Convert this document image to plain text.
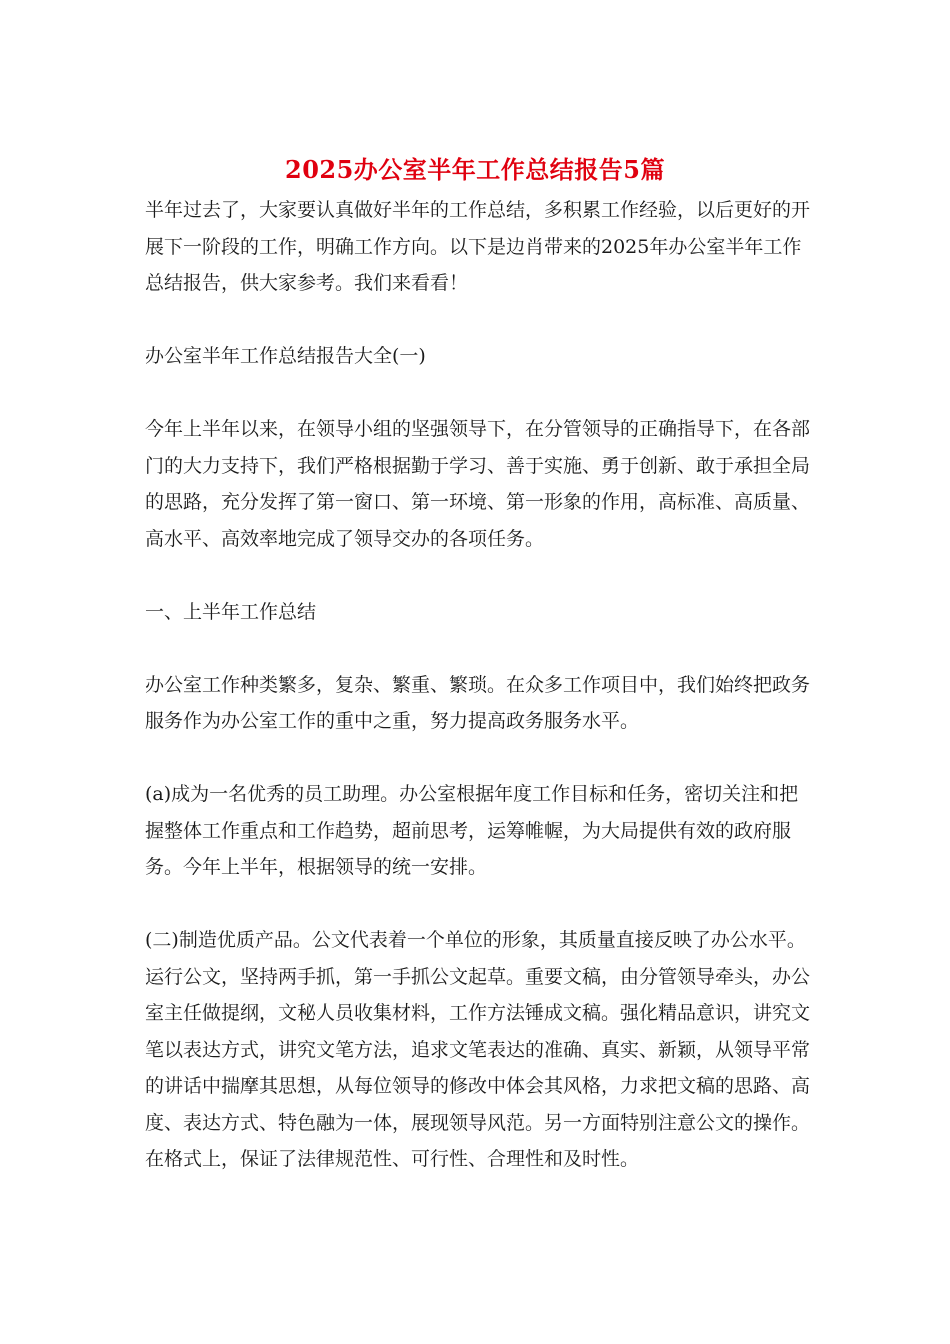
2025办公室半年工作总结报告5篇

半年过去了，大家要认真做好半年的工作总结，多积累工作经验，以后更好的开展下一阶段的工作，明确工作方向。以下是边肖带来的2025年办公室半年工作总结报告，供大家参考。我们来看看！

办公室半年工作总结报告大全(一)

今年上半年以来，在领导小组的坚强领导下，在分管领导的正确指导下，在各部门的大力支持下，我们严格根据勤于学习、善于实施、勇于创新、敢于承担全局的思路，充分发挥了第一窗口、第一环境、第一形象的作用，高标准、高质量、高水平、高效率地完成了领导交办的各项任务。

一、上半年工作总结

办公室工作种类繁多，复杂、繁重、繁琐。在众多工作项目中，我们始终把政务服务作为办公室工作的重中之重，努力提高政务服务水平。

(a)成为一名优秀的员工助理。办公室根据年度工作目标和任务，密切关注和把握整体工作重点和工作趋势，超前思考，运筹帷幄，为大局提供有效的政府服务。今年上半年，根据领导的统一安排。

(二)制造优质产品。公文代表着一个单位的形象，其质量直接反映了办公水平。运行公文，坚持两手抓，第一手抓公文起草。重要文稿，由分管领导牵头，办公室主任做提纲，文秘人员收集材料，工作方法锤成文稿。强化精品意识，讲究文笔以表达方式，讲究文笔方法，追求文笔表达的准确、真实、新颖，从领导平常的讲话中揣摩其思想，从每位领导的修改中体会其风格，力求把文稿的思路、高度、表达方式、特色融为一体，展现领导风范。另一方面特别注意公文的操作。在格式上，保证了法律规范性、可行性、合理性和及时性。
